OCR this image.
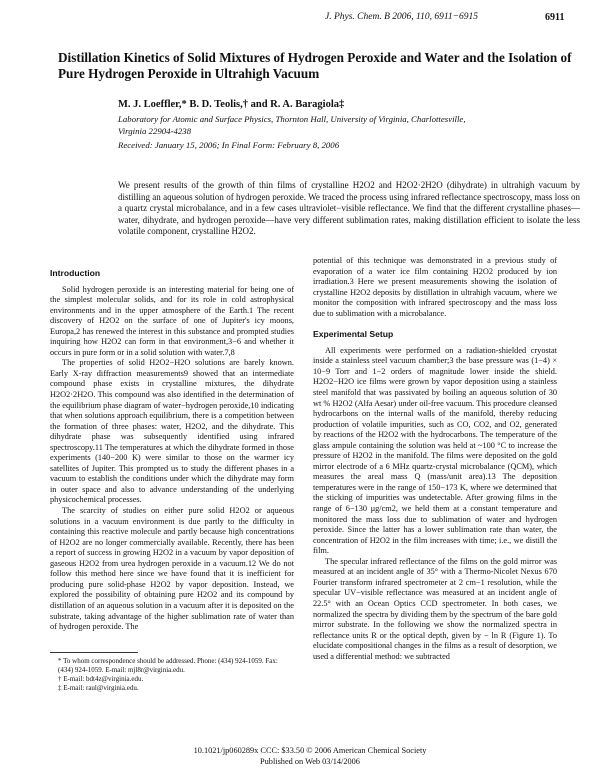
J. Phys. Chem. B 2006, 110, 6911−6915	6911
Distillation Kinetics of Solid Mixtures of Hydrogen Peroxide and Water and the Isolation of Pure Hydrogen Peroxide in Ultrahigh Vacuum
M. J. Loeffler,* B. D. Teolis,† and R. A. Baragiola‡
Laboratory for Atomic and Surface Physics, Thornton Hall, University of Virginia, Charlottesville, Virginia 22904-4238
Received: January 15, 2006; In Final Form: February 8, 2006
We present results of the growth of thin films of crystalline H2O2 and H2O2·2H2O (dihydrate) in ultrahigh vacuum by distilling an aqueous solution of hydrogen peroxide. We traced the process using infrared reflectance spectroscopy, mass loss on a quartz crystal microbalance, and in a few cases ultraviolet−visible reflectance. We find that the different crystalline phases—water, dihydrate, and hydrogen peroxide—have very different sublimation rates, making distillation efficient to isolate the less volatile component, crystalline H2O2.
Introduction

Solid hydrogen peroxide is an interesting material for being one of the simplest molecular solids, and for its role in cold astrophysical environments and in the upper atmosphere of the Earth.1 The recent discovery of H2O2 on the surface of one of Jupiter's icy moons, Europa,2 has renewed the interest in this substance and prompted studies inquiring how H2O2 can form in that environment,3−6 and whether it occurs in pure form or in a solid solution with water.7,8

The properties of solid H2O2−H2O solutions are barely known. Early X-ray diffraction measurements9 showed that an intermediate compound phase exists in crystalline mixtures, the dihydrate H2O2·2H2O. This compound was also identified in the determination of the equilibrium phase diagram of water−hydrogen peroxide,10 indicating that when solutions approach equilibrium, there is a competition between the formation of three phases: water, H2O2, and the dihydrate. This dihydrate phase was subsequently identified using infrared spectroscopy.11 The temperatures at which the dihydrate formed in those experiments (140−200 K) were similar to those on the warmer icy satellites of Jupiter. This prompted us to study the different phases in a vacuum to establish the conditions under which the dihydrate may form in outer space and also to advance understanding of the underlying physicochemical processes.

The scarcity of studies on either pure solid H2O2 or aqueous solutions in a vacuum environment is due partly to the difficulty in containing this reactive molecule and partly because high concentrations of H2O2 are no longer commercially available. Recently, there has been a report of success in growing H2O2 in a vacuum by vapor deposition of gaseous H2O2 from urea hydrogen peroxide in a vacuum.12 We do not follow this method here since we have found that it is inefficient for producing pure solid-phase H2O2 by vapor deposition. Instead, we explored the possibility of obtaining pure H2O2 and its compound by distillation of an aqueous solution in a vacuum after it is deposited on the substrate, taking advantage of the higher sublimation rate of water than of hydrogen peroxide. The

potential of this technique was demonstrated in a previous study of evaporation of a water ice film containing H2O2 produced by ion irradiation.3 Here we present measurements showing the isolation of crystalline H2O2 deposits by distillation in ultrahigh vacuum, where we monitor the composition with infrared spectroscopy and the mass loss due to sublimation with a microbalance.

Experimental Setup

All experiments were performed on a radiation-shielded cryostat inside a stainless steel vacuum chamber;3 the base pressure was (1−4) × 10−9 Torr and 1−2 orders of magnitude lower inside the shield. H2O2−H2O ice films were grown by vapor deposition using a stainless steel manifold that was passivated by boiling an aqueous solution of 30 wt % H2O2 (Alfa Aesar) under oil-free vacuum. This procedure cleansed hydrocarbons on the internal walls of the manifold, thereby reducing production of volatile impurities, such as CO, CO2, and O2, generated by reactions of the H2O2 with the hydrocarbons. The temperature of the glass ampule containing the solution was held at ~100 °C to increase the pressure of H2O2 in the manifold. The films were deposited on the gold mirror electrode of a 6 MHz quartz-crystal microbalance (QCM), which measures the areal mass Q (mass/unit area).13 The deposition temperatures were in the range of 150−173 K, where we determined that the sticking of impurities was undetectable. After growing films in the range of 6−130 μg/cm2, we held them at a constant temperature and monitored the mass loss due to sublimation of water and hydrogen peroxide. Since the latter has a lower sublimation rate than water, the concentration of H2O2 in the film increases with time; i.e., we distill the film.

The specular infrared reflectance of the films on the gold mirror was measured at an incident angle of 35° with a Thermo-Nicolet Nexus 670 Fourier transform infrared spectrometer at 2 cm−1 resolution, while the specular UV−visible reflectance was measured at an incident angle of 22.5° with an Ocean Optics CCD spectrometer. In both cases, we normalized the spectra by dividing them by the spectrum of the bare gold mirror substrate. In the following we show the normalized spectra in reflectance units R or the optical depth, given by − ln R (Figure 1). To elucidate compositional changes in the films as a result of desorption, we used a differential method: we subtracted

* To whom correspondence should be addressed. Phone: (434) 924-1059. Fax: (434) 924-1059. E-mail: mjl8r@virginia.edu.
† E-mail: bdt4z@virginia.edu.
‡ E-mail: raul@virginia.edu.
10.1021/jp060289x CCC: $33.50 © 2006 American Chemical Society
Published on Web 03/14/2006
